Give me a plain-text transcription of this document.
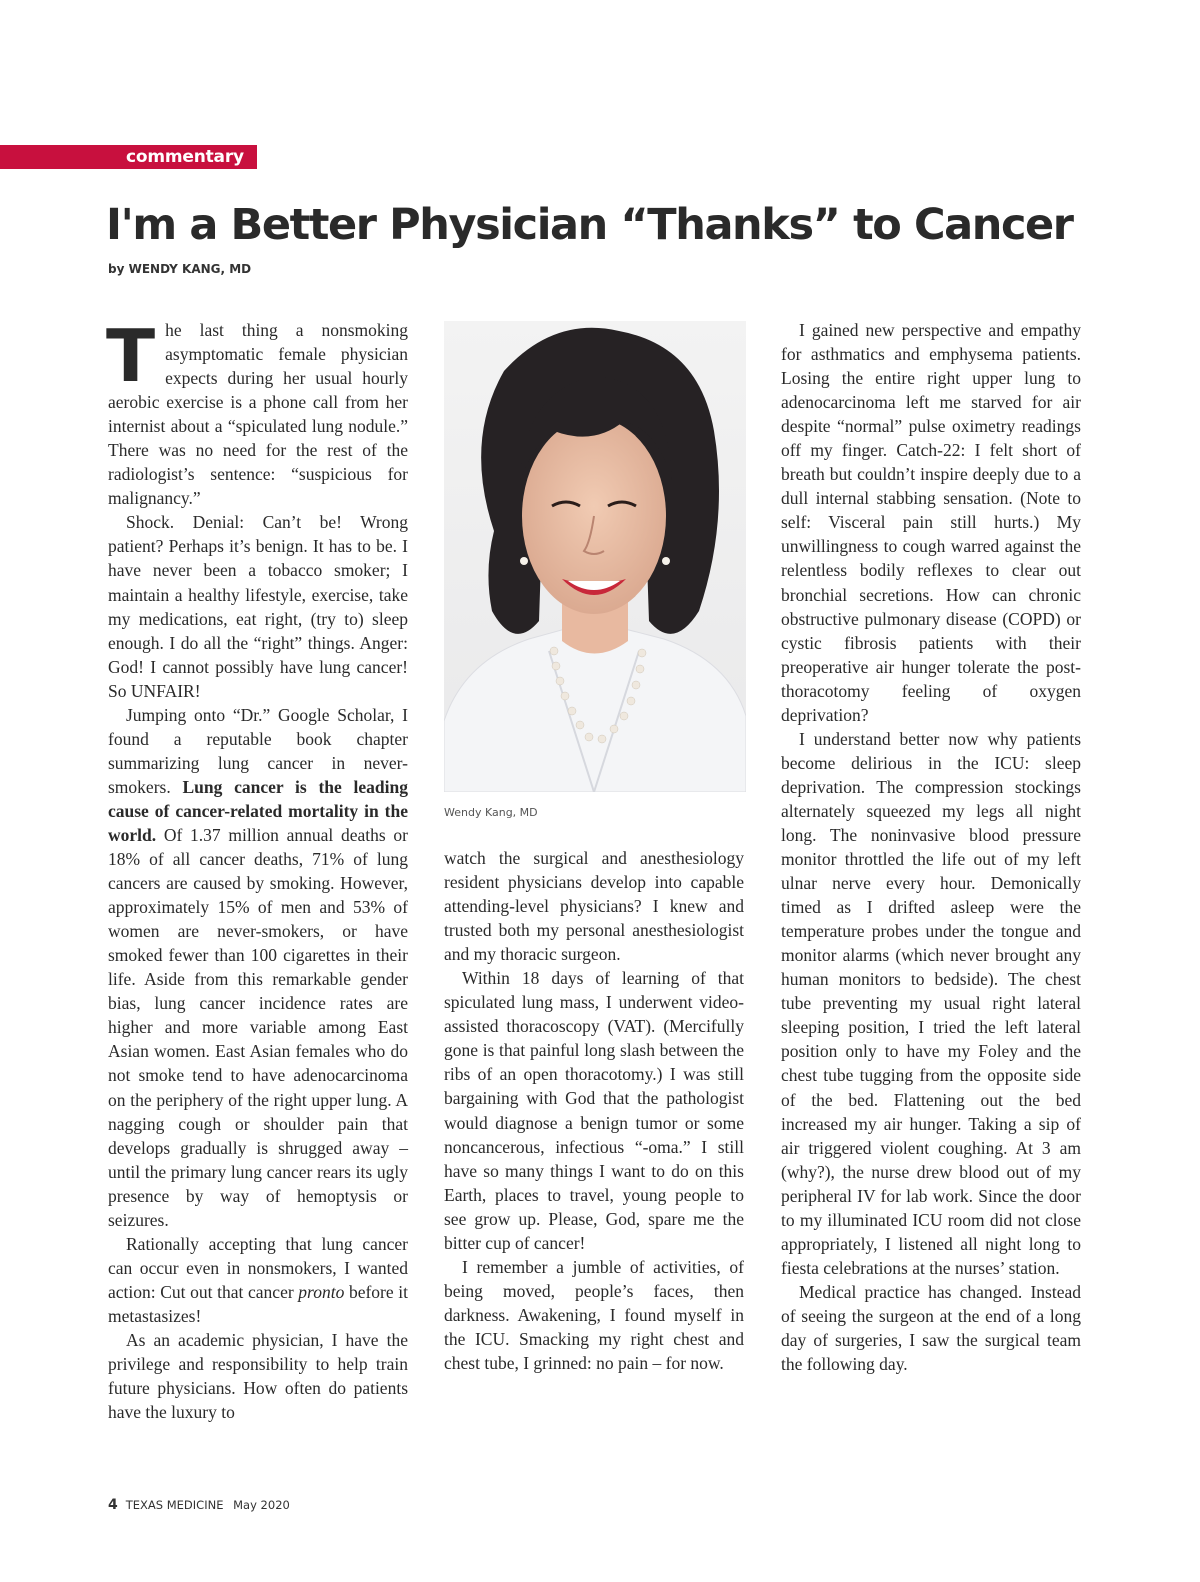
commentary
I'm a Better Physician “Thanks” to Cancer
by WENDY KANG, MD

The last thing a nonsmoking asymptomatic female physician expects during her usual hourly aerobic exercise is a phone call from her internist about a “spiculated lung nodule.” There was no need for the rest of the radiologist’s sentence: “suspicious for malignancy.”

Shock. Denial: Can’t be! Wrong patient? Perhaps it’s benign. It has to be. I have never been a tobacco smoker; I maintain a healthy lifestyle, exercise, take my medications, eat right, (try to) sleep enough. I do all the “right” things. Anger: God! I cannot possibly have lung cancer! So UNFAIR!

Jumping onto “Dr.” Google Scholar, I found a reputable book chapter summarizing lung cancer in never-smokers. Lung cancer is the leading cause of cancer-related mortality in the world. Of 1.37 million annual deaths or 18% of all cancer deaths, 71% of lung cancers are caused by smoking. However, approximately 15% of men and 53% of women are never-smokers, or have smoked fewer than 100 cigarettes in their life. Aside from this remarkable gender bias, lung cancer incidence rates are higher and more variable among East Asian women. East Asian females who do not smoke tend to have adenocarcinoma on the periphery of the right upper lung. A nagging cough or shoulder pain that develops gradually is shrugged away – until the primary lung cancer rears its ugly presence by way of hemoptysis or seizures.

Rationally accepting that lung cancer can occur even in nonsmokers, I wanted action: Cut out that cancer pronto before it metastasizes!

As an academic physician, I have the privilege and responsibility to help train future physicians. How often do patients have the luxury to

Wendy Kang, MD

watch the surgical and anesthesiology resident physicians develop into capable attending-level physicians? I knew and trusted both my personal anesthesiologist and my thoracic surgeon.

Within 18 days of learning of that spiculated lung mass, I underwent video-assisted thoracoscopy (VAT). (Mercifully gone is that painful long slash between the ribs of an open thoracotomy.) I was still bargaining with God that the pathologist would diagnose a benign tumor or some noncancerous, infectious “-oma.” I still have so many things I want to do on this Earth, places to travel, young people to see grow up. Please, God, spare me the bitter cup of cancer!

I remember a jumble of activities, of being moved, people’s faces, then darkness. Awakening, I found myself in the ICU. Smacking my right chest and chest tube, I grinned: no pain – for now.

I gained new perspective and empathy for asthmatics and emphysema patients. Losing the entire right upper lung to adenocarcinoma left me starved for air despite “normal” pulse oximetry readings off my finger. Catch-22: I felt short of breath but couldn’t inspire deeply due to a dull internal stabbing sensation. (Note to self: Visceral pain still hurts.) My unwillingness to cough warred against the relentless bodily reflexes to clear out bronchial secretions. How can chronic obstructive pulmonary disease (COPD) or cystic fibrosis patients with their preoperative air hunger tolerate the post-thoracotomy feeling of oxygen deprivation?

I understand better now why patients become delirious in the ICU: sleep deprivation. The compression stockings alternately squeezed my legs all night long. The noninvasive blood pressure monitor throttled the life out of my left ulnar nerve every hour. Demonically timed as I drifted asleep were the temperature probes under the tongue and monitor alarms (which never brought any human monitors to bedside). The chest tube preventing my usual right lateral sleeping position, I tried the left lateral position only to have my Foley and the chest tube tugging from the opposite side of the bed. Flattening out the bed increased my air hunger. Taking a sip of air triggered violent coughing. At 3 am (why?), the nurse drew blood out of my peripheral IV for lab work. Since the door to my illuminated ICU room did not close appropriately, I listened all night long to fiesta celebrations at the nurses’ station.

Medical practice has changed. Instead of seeing the surgeon at the end of a long day of surgeries, I saw the surgical team the following day.

4 TEXAS MEDICINE May 2020
